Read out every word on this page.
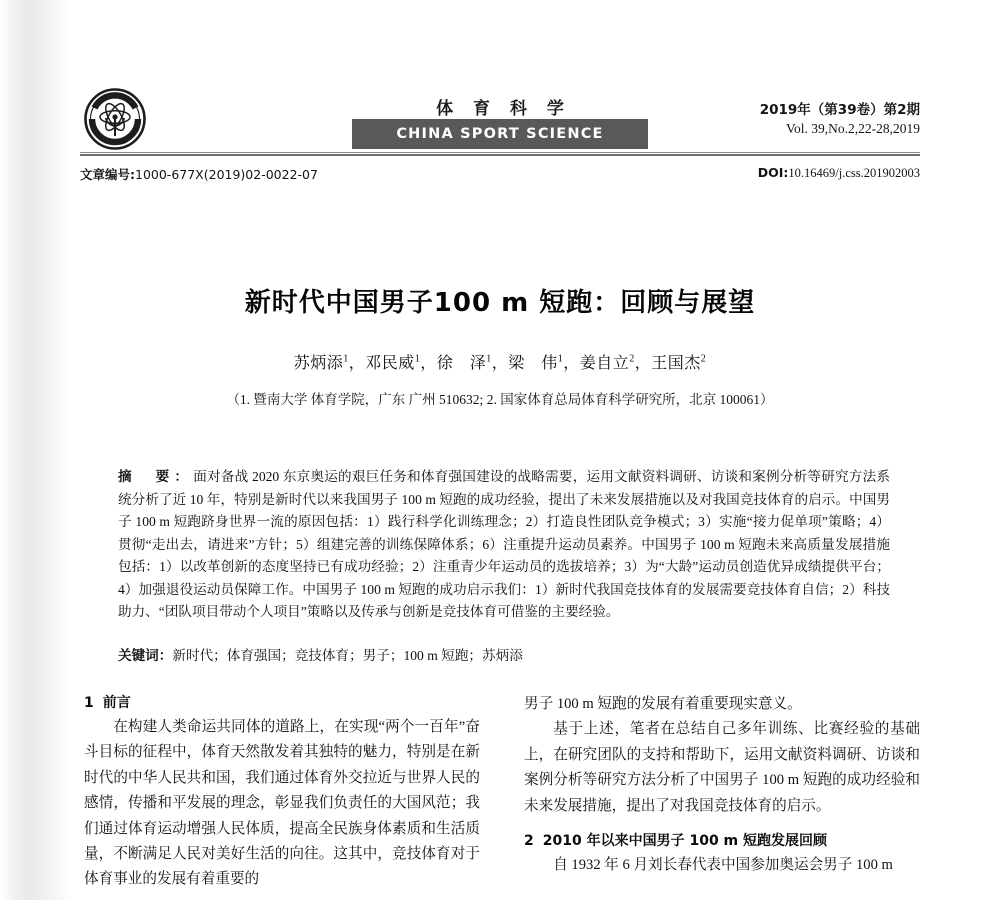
体 育 科 学
CHINA SPORT SCIENCE
2019年（第39卷）第2期
Vol. 39,No.2,22-28,2019
文章编号:1000-677X(2019)02-0022-07	DOI:10.16469/j.css.201902003
新时代中国男子100 m 短跑：回顾与展望
苏炳添$^1$，邓民威$^1$，徐　泽$^1$，梁　伟$^1$，姜自立$^2$，王国杰$^2$
（1. 暨南大学 体育学院，广东 广州 510632; 2. 国家体育总局体育科学研究所，北京 100061）
摘　要：面对备战 2020 东京奥运的艰巨任务和体育强国建设的战略需要，运用文献资料调研、访谈和案例分析等研究方法系统分析了近 10 年，特别是新时代以来我国男子 100 m 短跑的成功经验，提出了未来发展措施以及对我国竞技体育的启示。中国男子 100 m 短跑跻身世界一流的原因包括：1）践行科学化训练理念；2）打造良性团队竞争模式；3）实施“接力促单项”策略；4）贯彻“走出去，请进来”方针；5）组建完善的训练保障体系；6）注重提升运动员素养。中国男子 100 m 短跑未来高质量发展措施包括：1）以改革创新的态度坚持已有成功经验；2）注重青少年运动员的选拔培养；3）为“大龄”运动员创造优异成绩提供平台；4）加强退役运动员保障工作。中国男子 100 m 短跑的成功启示我们：1）新时代我国竞技体育的发展需要竞技体育自信；2）科技助力、“团队项目带动个人项目”策略以及传承与创新是竞技体育可借鉴的主要经验。
关键词：新时代；体育强国；竞技体育；男子；100 m 短跑；苏炳添
1 前言

在构建人类命运共同体的道路上，在实现“两个一百年”奋斗目标的征程中，体育天然散发着其独特的魅力，特别是在新时代的中华人民共和国，我们通过体育外交拉近与世界人民的感情，传播和平发展的理念，彰显我们负责任的大国风范；我们通过体育运动增强人民体质，提高全民族身体素质和生活质量，不断满足人民对美好生活的向往。这其中，竞技体育对于体育事业的发展有着重要的

男子 100 m 短跑的发展有着重要现实意义。

基于上述，笔者在总结自己多年训练、比赛经验的基础上，在研究团队的支持和帮助下，运用文献资料调研、访谈和案例分析等研究方法分析了中国男子 100 m 短跑的成功经验和未来发展措施，提出了对我国竞技体育的启示。

2 2010 年以来中国男子 100 m 短跑发展回顾

自 1932 年 6 月刘长春代表中国参加奥运会男子 100 m
